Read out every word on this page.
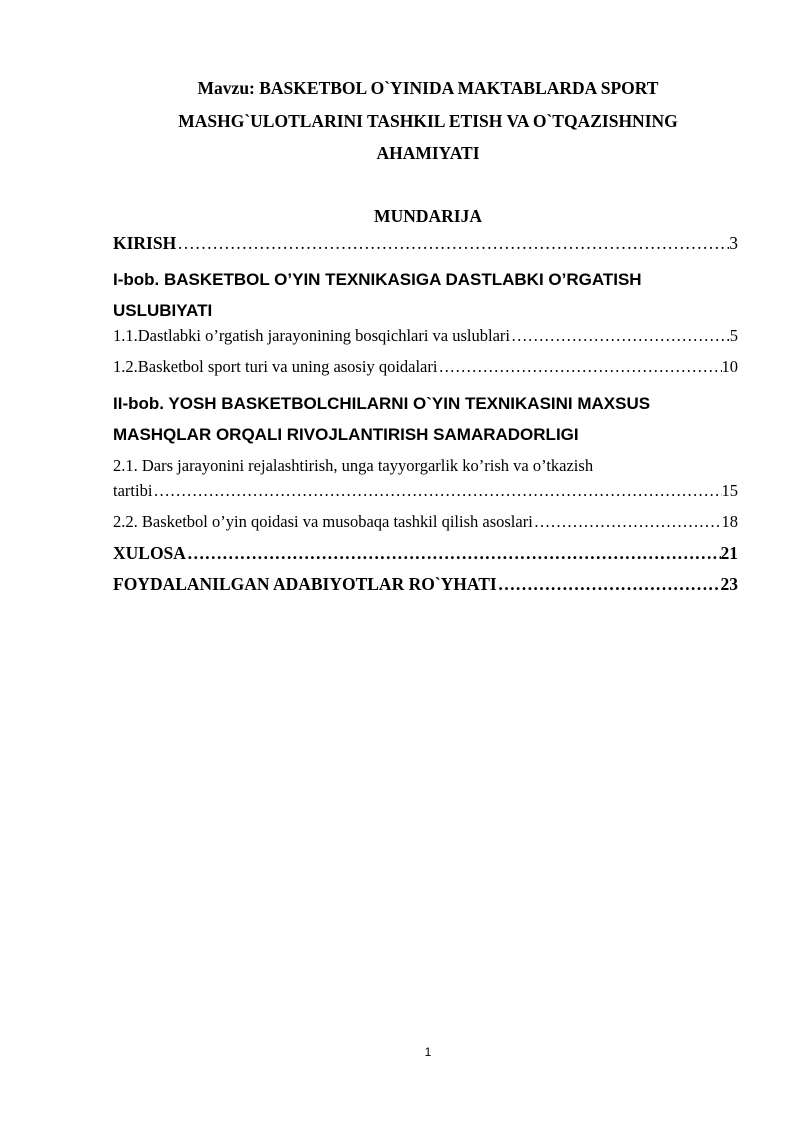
Mavzu: BASKETBOL O`YINIDA MAKTABLARDA SPORT
MASHG`ULOTLARINI TASHKIL ETISH VA O`TQAZISHNING
AHAMIYATI
MUNDARIJA
KIRISH ……………………………………………………………………………………………………………………………………………………………………………………………………………………………………………………………………	3
I-bob. BASKETBOL O’YIN TEXNIKASIGA DASTLABKI O’RGATISH
USLUBIYATI
1.1. Dastlabki o’rgatish jarayonining bosqichlari va uslublari ……………………………………………………………………………………………………………………………………………………………………………………………………………………………………………………………………	5
1.2. Basketbol sport turi va uning asosiy qoidalari ……………………………………………………………………………………………………………………………………………………………………………………………………………………………………………………………………	10
II-bob. YOSH BASKETBOLCHILARNI O`YIN TEXNIKASINI MAXSUS
MASHQLAR ORQALI RIVOJLANTIRISH SAMARADORLIGI
2.1. Dars jarayonini rejalashtirish, unga tayyorgarlik ko’rish va o’tkazish
tartibi ……………………………………………………………………………………………………………………………………………………………………………………………………………………………………………………………………	15
2.2. Basketbol o’yin qoidasi va musobaqa tashkil qilish asoslari ……………………………………………………………………………………………………………………………………………………………………………………………………………………………………………………………………	18
XULOSA ……………………………………………………………………………………………………………………………………………………………………………………………………………………………………………………………………	21
FOYDALANILGAN ADABIYOTLAR RO`YHATI ……………………………………………………………………………………………………………………………………………………………………………………………………………………………………………………………………	23
1
